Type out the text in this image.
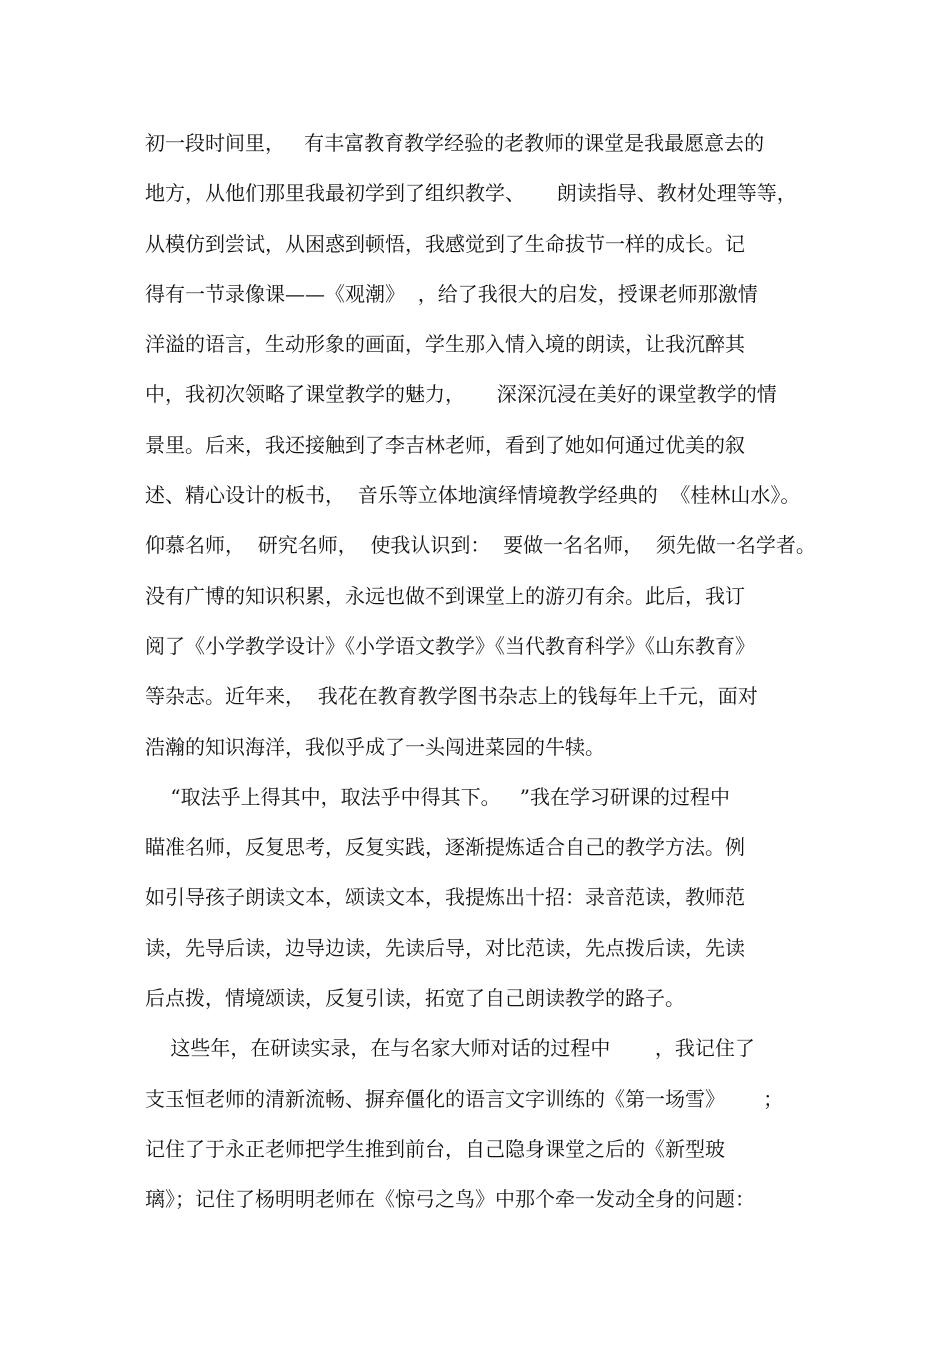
初一段时间里，   有丰富教育教学经验的老教师的课堂是我最愿意去的
地方，从他们那里我最初学到了组织教学、     朗读指导、教材处理等等，
从模仿到尝试，从困惑到顿悟，我感觉到了生命拔节一样的成长。记
得有一节录像课——《观潮》  ，给了我很大的启发，授课老师那激情
洋溢的语言，生动形象的画面，学生那入情入境的朗读，让我沉醉其
中，我初次领略了课堂教学的魅力，     深深沉浸在美好的课堂教学的情
景里。后来，我还接触到了李吉林老师，看到了她如何通过优美的叙
述、精心设计的板书，  音乐等立体地演绎情境教学经典的  《桂林山水》。
仰慕名师，  研究名师，  使我认识到：  要做一名名师，  须先做一名学者。
没有广博的知识积累，永远也做不到课堂上的游刃有余。此后，我订
阅了《小学教学设计》《小学语文教学》《当代教育科学》《山东教育》
等杂志。近年来，  我花在教育教学图书杂志上的钱每年上千元，面对
浩瀚的知识海洋，我似乎成了一头闯进菜园的牛犊。
“取法乎上得其中，取法乎中得其下。   ”我在学习研课的过程中
瞄准名师，反复思考，反复实践，逐渐提炼适合自己的教学方法。例
如引导孩子朗读文本，颂读文本，我提炼出十招：录音范读，教师范
读，先导后读，边导边读，先读后导，对比范读，先点拨后读，先读
后点拨，情境颂读，反复引读，拓宽了自己朗读教学的路子。
这些年，在研读实录，在与名家大师对话的过程中       ，我记住了
支玉恒老师的清新流畅、摒弃僵化的语言文字训练的《第一场雪》      ；
记住了于永正老师把学生推到前台，自己隐身课堂之后的《新型玻
璃》；记住了杨明明老师在《惊弓之鸟》中那个牵一发动全身的问题：
